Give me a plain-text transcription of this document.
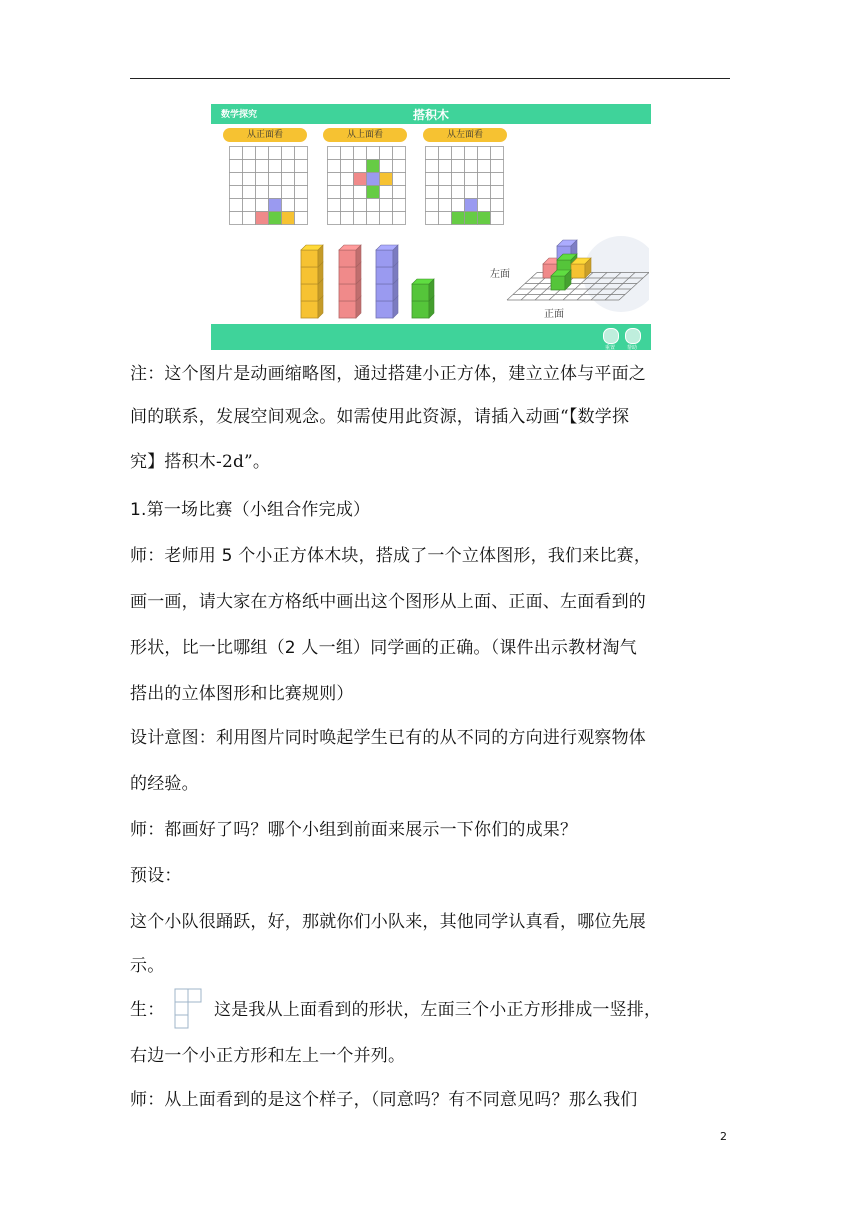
数学探究	搭积木
从正面看	从上面看	从左面看
左面
正面
重置 帮助
注：这个图片是动画缩略图，通过搭建小正方体，建立立体与平面之
间的联系，发展空间观念。如需使用此资源，请插入动画“【数学探
究】搭积木-2d”。
1.第一场比赛（小组合作完成）
师：老师用 5 个小正方体木块，搭成了一个立体图形，我们来比赛，
画一画，请大家在方格纸中画出这个图形从上面、正面、左面看到的
形状，比一比哪组（2 人一组）同学画的正确。（课件出示教材淘气
搭出的立体图形和比赛规则）
设计意图：利用图片同时唤起学生已有的从不同的方向进行观察物体
的经验。
师：都画好了吗？哪个小组到前面来展示一下你们的成果？
预设：
这个小队很踊跃，好，那就你们小队来，其他同学认真看，哪位先展
示。
生：	这是我从上面看到的形状，左面三个小正方形排成一竖排，
右边一个小正方形和左上一个并列。
师：从上面看到的是这个样子，（同意吗？有不同意见吗？那么我们
2
